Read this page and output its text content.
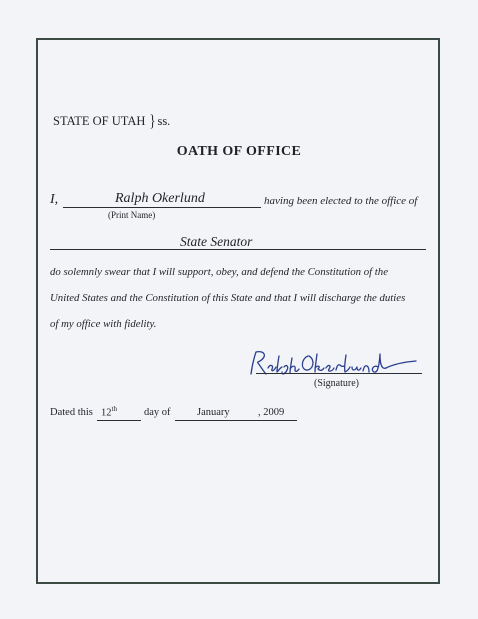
STATE OF UTAH } ss.
OATH OF OFFICE
I,	Ralph Okerlund
(Print Name)
having been elected to the office of
State Senator
do solemnly swear that I will support, obey, and defend the Constitution of the
United States and the Constitution of this State and that I will discharge the duties
of my office with fidelity.
(Signature)
Dated this 12th	day of	January	, 2009
